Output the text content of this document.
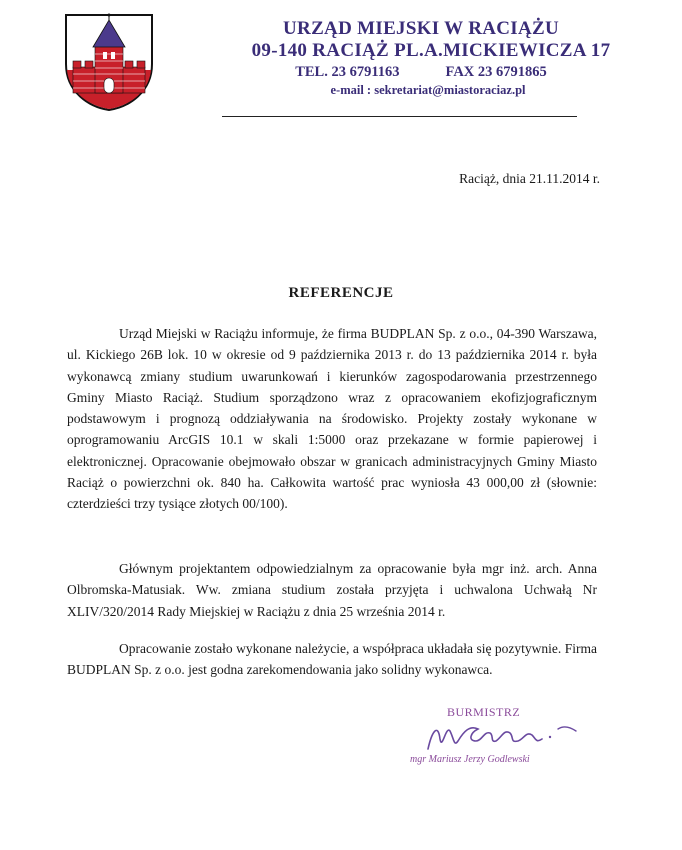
URZĄD MIEJSKI W RACIĄŻU
09-140 RACIĄŻ PL.A.MICKIEWICZA 17
TEL. 23 6791163	FAX 23 6791865
e-mail : sekretariat@miastoraciaz.pl
Raciąż, dnia 21.11.2014 r.
REFERENCJE

Urząd Miejski w Raciążu informuje, że firma BUDPLAN Sp. z o.o., 04-390 Warszawa, ul. Kickiego 26B lok. 10 w okresie od 9 października 2013 r. do 13 października 2014 r. była wykonawcą zmiany studium uwarunkowań i kierunków zagospodarowania przestrzennego Gminy Miasto Raciąż. Studium sporządzono wraz z opracowaniem ekofizjograficznym podstawowym i prognozą oddziaływania na środowisko. Projekty zostały wykonane w oprogramowaniu ArcGIS 10.1 w skali 1:5000 oraz przekazane w formie papierowej i elektronicznej. Opracowanie obejmowało obszar w granicach administracyjnych Gminy Miasto Raciąż o powierzchni ok. 840 ha. Całkowita wartość prac wyniosła 43 000,00 zł (słownie: czterdzieści trzy tysiące złotych 00/100).

Głównym projektantem odpowiedzialnym za opracowanie była mgr inż. arch. Anna Olbromska-Matusiak. Ww. zmiana studium została przyjęta i uchwalona Uchwałą Nr XLIV/320/2014 Rady Miejskiej w Raciążu z dnia 25 września 2014 r.

Opracowanie zostało wykonane należycie, a współpraca układała się pozytywnie. Firma BUDPLAN Sp. z o.o. jest godna zarekomendowania jako solidny wykonawca.

BURMISTRZ
mgr Mariusz Jerzy Godlewski
